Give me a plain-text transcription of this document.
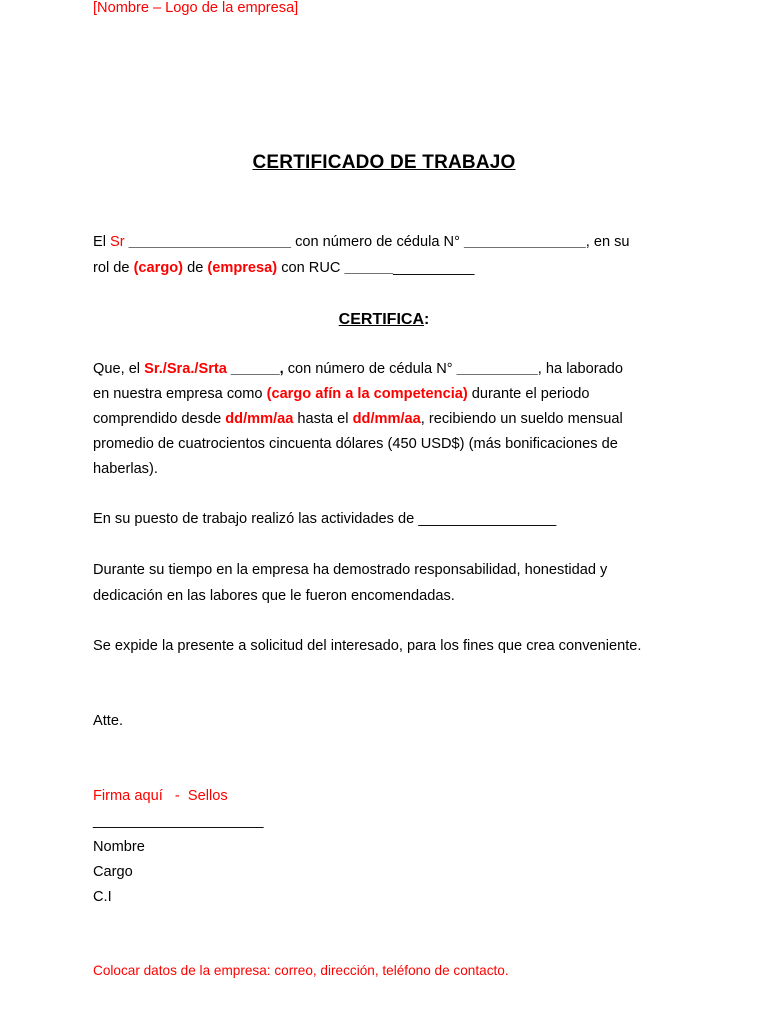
[Nombre – Logo de la empresa]
CERTIFICADO DE TRABAJO
El Sr ____________________ con número de cédula N° _______________, en su
rol de (cargo) de (empresa) con RUC ________________
CERTIFICA:
Que, el Sr./Sra./Srta ______, con número de cédula N° __________, ha laborado
en nuestra empresa como (cargo afín a la competencia) durante el periodo
comprendido desde dd/mm/aa hasta el dd/mm/aa, recibiendo un sueldo mensual
promedio de cuatrocientos cincuenta dólares (450 USD$) (más bonificaciones de
haberlas).
En su puesto de trabajo realizó las actividades de _________________
Durante su tiempo en la empresa ha demostrado responsabilidad, honestidad y
dedicación en las labores que le fueron encomendadas.
Se expide la presente a solicitud del interesado, para los fines que crea conveniente.
Atte.
Firma aquí   -  Sellos
_____________________
Nombre
Cargo
C.I
Colocar datos de la empresa: correo, dirección, teléfono de contacto.
